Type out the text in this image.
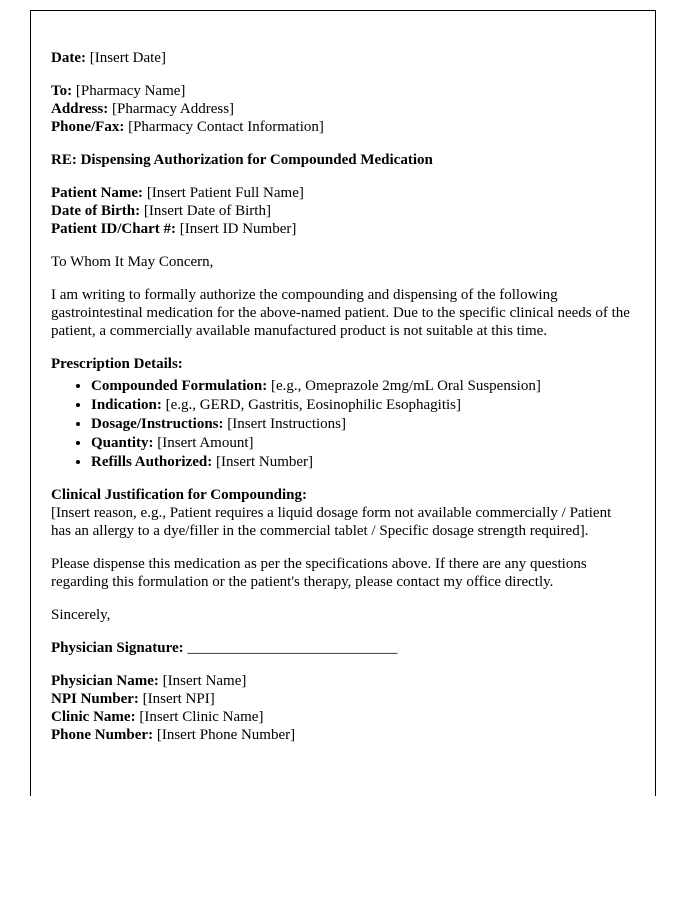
Date: [Insert Date]

To: [Pharmacy Name]

Address: [Pharmacy Address]

Phone/Fax: [Pharmacy Contact Information]

RE: Dispensing Authorization for Compounded Medication

Patient Name: [Insert Patient Full Name]

Date of Birth: [Insert Date of Birth]

Patient ID/Chart #: [Insert ID Number]

To Whom It May Concern,

I am writing to formally authorize the compounding and dispensing of the following gastrointestinal medication for the above-named patient. Due to the specific clinical needs of the patient, a commercially available manufactured product is not suitable at this time.

Prescription Details:

• Compounded Formulation: [e.g., Omeprazole 2mg/mL Oral Suspension]
• Indication: [e.g., GERD, Gastritis, Eosinophilic Esophagitis]
• Dosage/Instructions: [Insert Instructions]
• Quantity: [Insert Amount]
• Refills Authorized: [Insert Number]

Clinical Justification for Compounding:

[Insert reason, e.g., Patient requires a liquid dosage form not available commercially / Patient has an allergy to a dye/filler in the commercial tablet / Specific dosage strength required].

Please dispense this medication as per the specifications above. If there are any questions regarding this formulation or the patient's therapy, please contact my office directly.

Sincerely,

Physician Signature: ____________________________

Physician Name: [Insert Name]

NPI Number: [Insert NPI]

Clinic Name: [Insert Clinic Name]

Phone Number: [Insert Phone Number]
